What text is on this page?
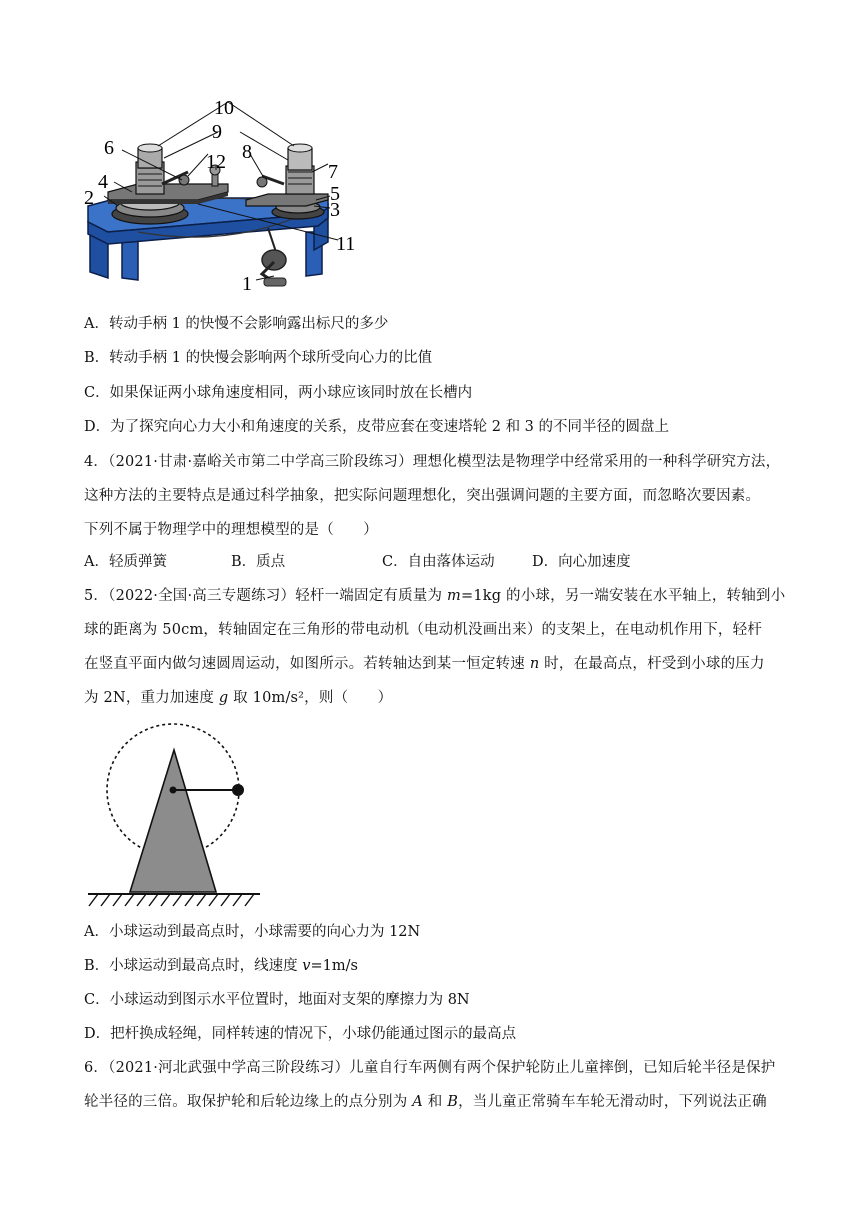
10
9
6	8
12	7
4
2	5
3
11
1
A．转动手柄 1 的快慢不会影响露出标尺的多少
B．转动手柄 1 的快慢会影响两个球所受向心力的比值
C．如果保证两小球角速度相同，两小球应该同时放在长槽内
D．为了探究向心力大小和角速度的关系，皮带应套在变速塔轮 2 和 3 的不同半径的圆盘上
4．（2021·甘肃·嘉峪关市第二中学高三阶段练习）理想化模型法是物理学中经常采用的一种科学研究方法，
这种方法的主要特点是通过科学抽象，把实际问题理想化，突出强调问题的主要方面，而忽略次要因素。
下列不属于物理学中的理想模型的是（　　）
A．轻质弹簧	B．质点	C．自由落体运动	D．向心加速度
5．（2022·全国·高三专题练习）轻杆一端固定有质量为 m=1kg 的小球，另一端安装在水平轴上，转轴到小
球的距离为 50cm，转轴固定在三角形的带电动机（电动机没画出来）的支架上，在电动机作用下，轻杆
在竖直平面内做匀速圆周运动，如图所示。若转轴达到某一恒定转速 n 时，在最高点，杆受到小球的压力
为 2N，重力加速度 g 取 10m/s²，则（　　）
A．小球运动到最高点时，小球需要的向心力为 12N
B．小球运动到最高点时，线速度 v=1m/s
C．小球运动到图示水平位置时，地面对支架的摩擦力为 8N
D．把杆换成轻绳，同样转速的情况下，小球仍能通过图示的最高点
6．（2021·河北武强中学高三阶段练习）儿童自行车两侧有两个保护轮防止儿童摔倒，已知后轮半径是保护
轮半径的三倍。取保护轮和后轮边缘上的点分别为 A 和 B，当儿童正常骑车车轮无滑动时，下列说法正确
